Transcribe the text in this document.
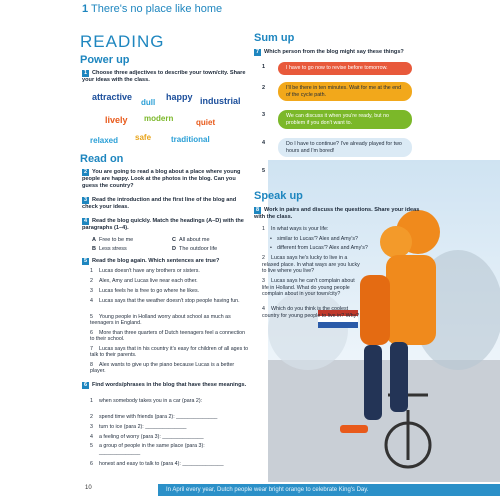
1 There's no place like home
READING
Power up
1 Choose three adjectives to describe your town/city. Share your ideas with the class.
attractive
dull
happy industrial
lively modern	quiet
relaxed safe traditional
Read on
2 You are going to read a blog about a place where young people are happy. Look at the photos in the blog. Can you guess the country?
3 Read the introduction and the first line of the blog and check your ideas.
4 Read the blog quickly. Match the headings (A–D) with the paragraphs (1–4).
A Free to be me
B Less stress
C All about me
D The outdoor life
5 Read the blog again. Which sentences are true?
1 Lucas doesn't have any brothers or sisters.
2 Alex, Amy and Lucas live near each other.
3 Lucas feels he is free to go where he likes.
4 Lucas says that the weather doesn't stop people having fun.
5 Young people in Holland worry about school as much as teenagers in England.
6 More than three quarters of Dutch teenagers feel a connection to their school.
7 Lucas says that in his country it's easy for children of all ages to talk to their parents.
8 Alex wants to give up the piano because Lucas is a better player.
6 Find words/phrases in the blog that have these meanings.
1 when somebody takes you in a car (para 2):
2 spend time with friends (para 2): ______________
3 turn to ice (para 2): ______________
4 a feeling of worry (para 3): ______________
5 a group of people in the same place (para 3):
______________
6 honest and easy to talk to (para 4): ______________
Sum up
7 Which person from the blog might say these things?
1	I have to go now to revise before tomorrow.
2	I'll be there in ten minutes. Wait for me at the end of the cycle path.
3	We can discuss it when you're ready, but no problem if you don't want to.
4	Do I have to continue? I've already played for two hours and I'm bored!
5
Speak up
8 Work in pairs and discuss the questions. Share your ideas with the class.
1 In what ways is your life:
• similar to Lucas'? Alex and Amy's?
• different from Lucas'? Alex and Amy's?
2 Lucas says he's lucky to live in a relaxed place. In what ways are you lucky to live where you live?
3 Lucas says he can't complain about life in Holland. What do young people complain about in your town/city?
4 Which do you think is the coolest country for young people to live in? Why?
10	In April every year, Dutch people wear bright orange to celebrate King's Day.
